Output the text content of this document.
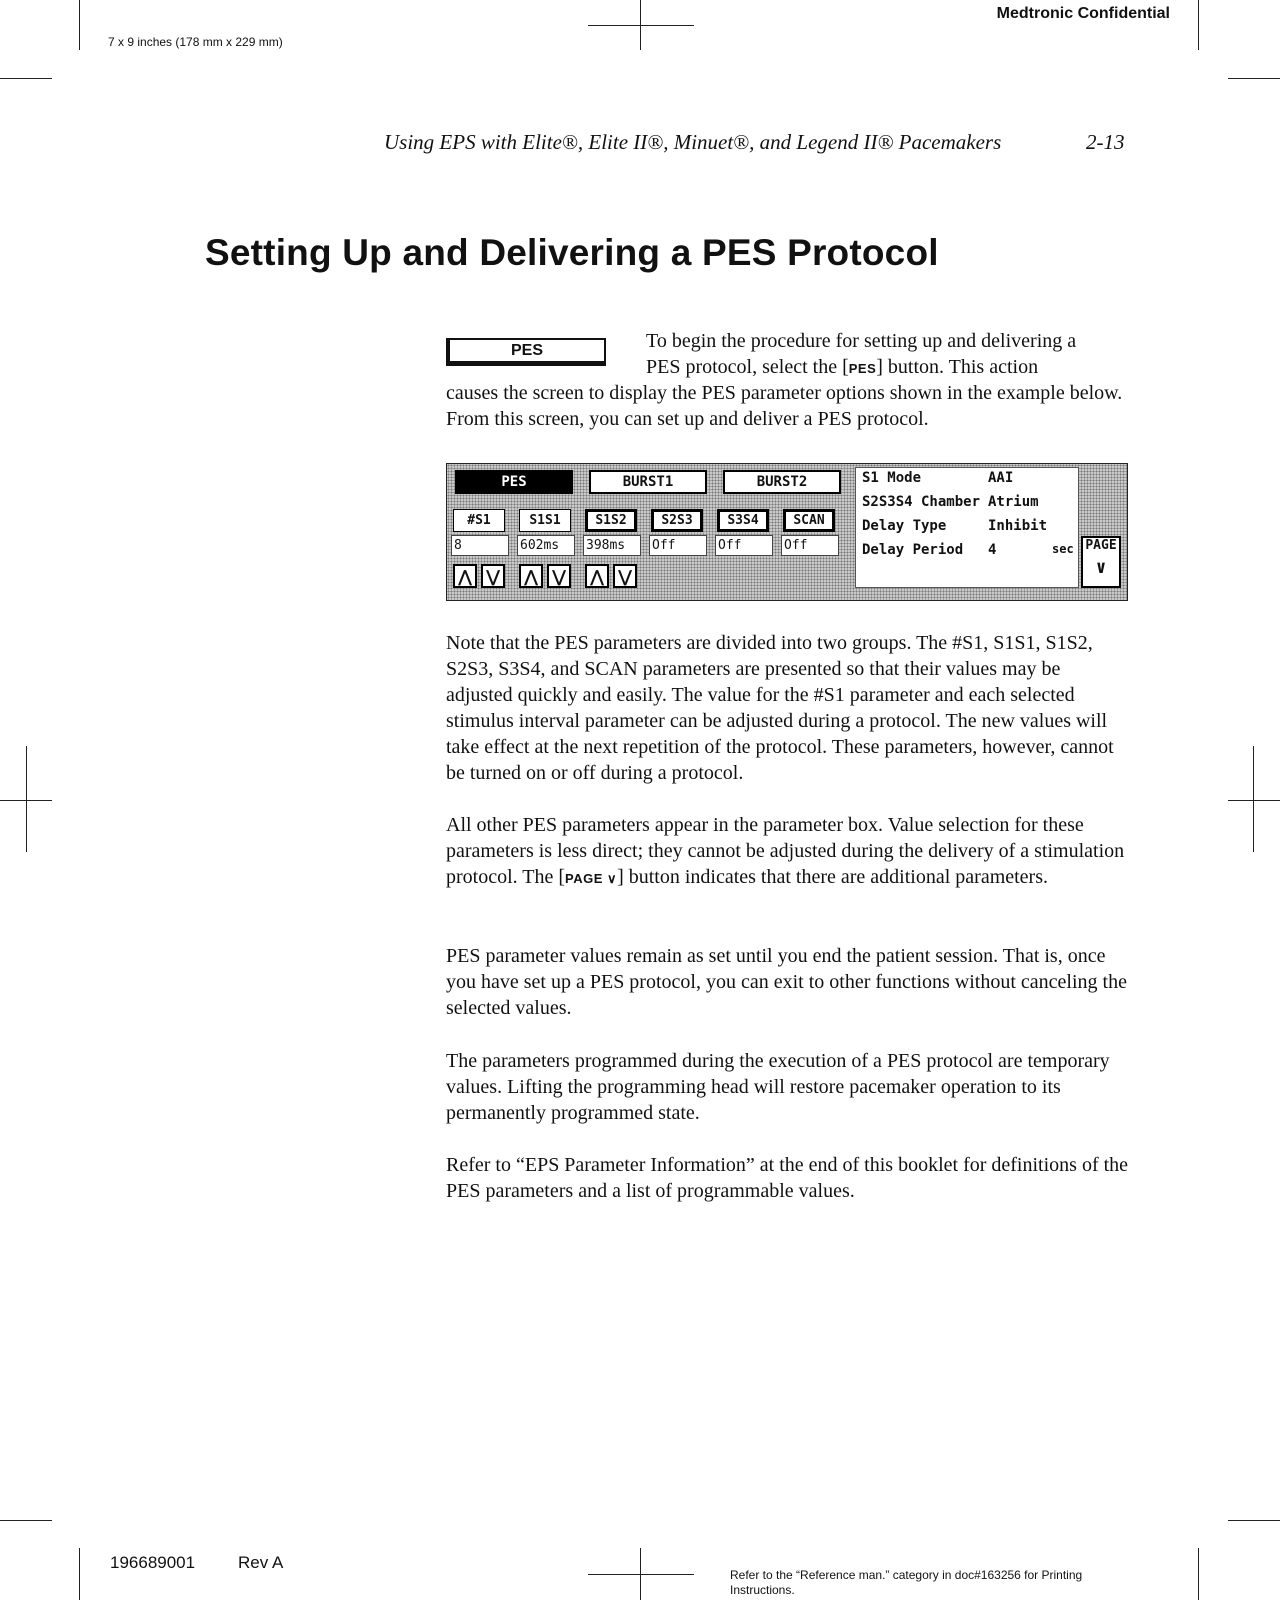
Medtronic Confidential
7 x 9 inches (178 mm x 229 mm)
Using EPS with Elite®, Elite II®, Minuet®, and Legend II® Pacemakers	2-13
Setting Up and Delivering a PES Protocol
PES	To begin the procedure for setting up and delivering a
PES protocol, select the [PES] button. This action
causes the screen to display the PES parameter options shown in the example below. From this screen, you can set up and deliver a PES protocol.
PES	BURST1	BURST2
#S1	S1S1	S1S2	S2S3	S3S4	SCAN
8	602ms	398ms	Off	Off	Off
⋀ ⋁	⋀ ⋁	⋀ ⋁
S1 Mode	AAI
S2S3S4 Chamber Atrium
Delay Type	Inhibit
Delay Period 4	sec PAGE
∨
Note that the PES parameters are divided into two groups. The #S1, S1S1, S1S2, S2S3, S3S4, and SCAN parameters are presented so that their values may be adjusted quickly and easily. The value for the #S1 parameter and each selected stimulus interval parameter can be adjusted during a protocol. The new values will take effect at the next repetition of the protocol. These parameters, however, cannot be turned on or off during a protocol.
All other PES parameters appear in the parameter box. Value selection for these parameters is less direct; they cannot be adjusted during the delivery of a stimulation protocol. The [PAGE ∨] button indicates that there are additional parameters.
PES parameter values remain as set until you end the patient session. That is, once you have set up a PES protocol, you can exit to other functions without canceling the selected values.
The parameters programmed during the execution of a PES protocol are temporary values. Lifting the programming head will restore pacemaker operation to its permanently programmed state.
Refer to “EPS Parameter Information” at the end of this booklet for definitions of the PES parameters and a list of programmable values.
196689001	Rev A
Refer to the “Reference man.” category in doc#163256 for Printing Instructions.
